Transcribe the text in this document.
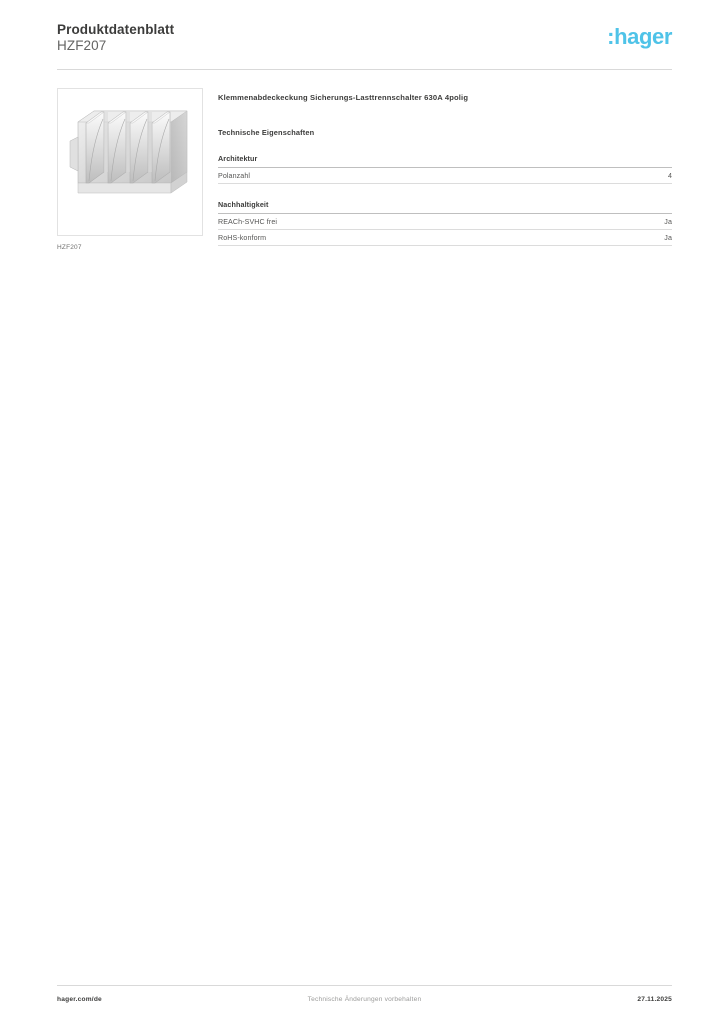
Produktdatenblatt
HZF207	:hager
HZF207
Klemmenabdeckeckung Sicherungs-Lasttrennschalter 630A 4polig
Technische Eigenschaften
Architektur
Polanzahl	4
Nachhaltigkeit
REACh-SVHC frei	Ja
RoHS-konform	Ja
hager.com/de	Technische Änderungen vorbehalten	27.11.2025
